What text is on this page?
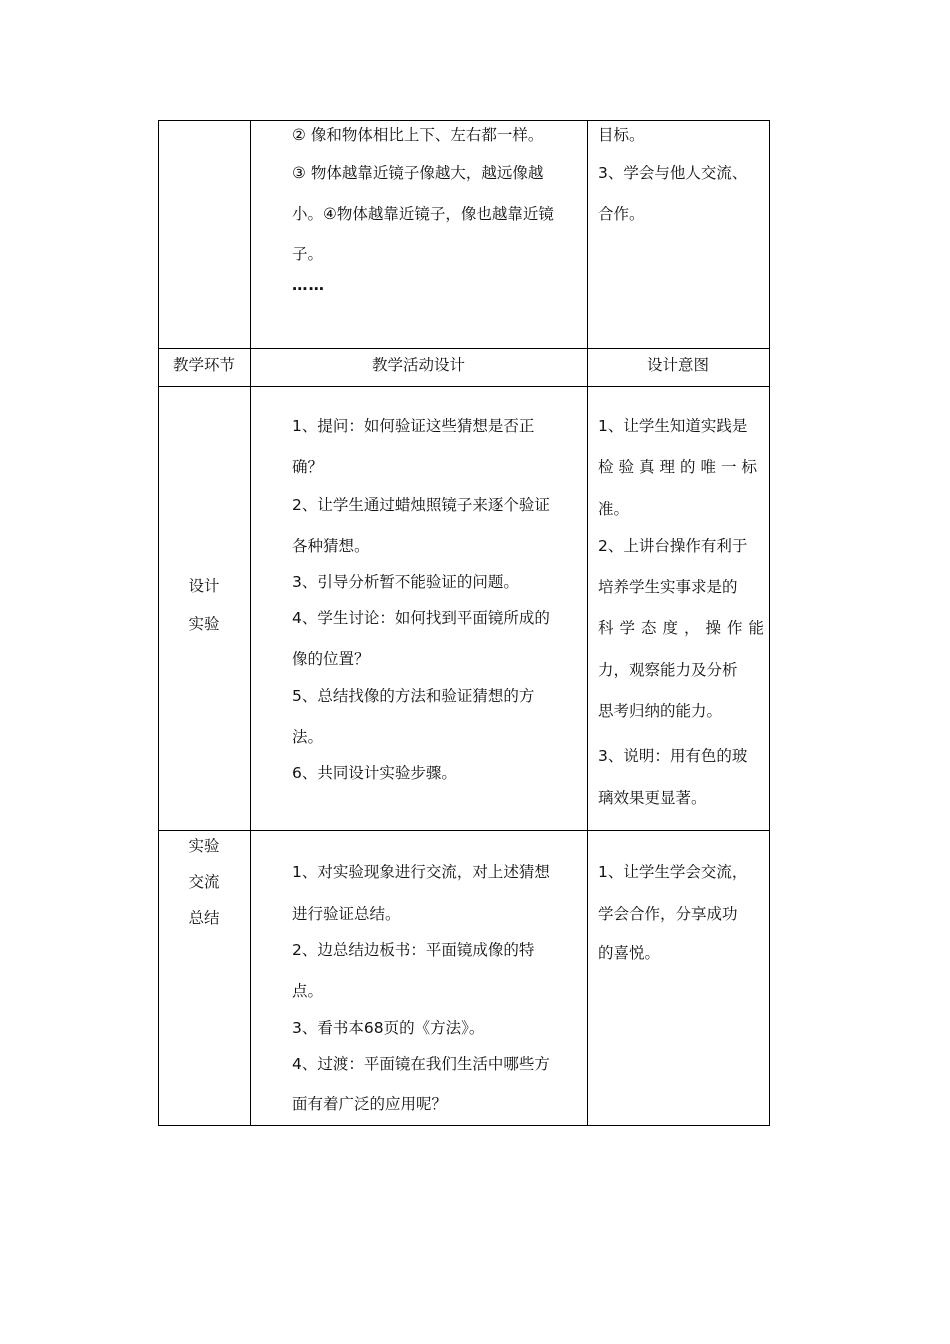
② 像和物体相比上下、左右都一样。

③ 物体越靠近镜子像越大，越远像越

小。④物体越靠近镜子，像也越靠近镜

子。

……

目标。

3、学会与他人交流、

合作。

教学环节	教学活动设计	设计意图

设计

实验

1、提问：如何验证这些猜想是否正

确？

2、让学生通过蜡烛照镜子来逐个验证

各种猜想。

3、引导分析暂不能验证的问题。

4、学生讨论：如何找到平面镜所成的

像的位置？

5、总结找像的方法和验证猜想的方

法。

6、共同设计实验步骤。

1、让学生知道实践是

检验真理的唯一标

准。

2、上讲台操作有利于

培养学生实事求是的

科学态度，操作能

力，观察能力及分析

思考归纳的能力。

3、说明：用有色的玻

璃效果更显著。

实验

交流

总结

1、对实验现象进行交流，对上述猜想

进行验证总结。

2、边总结边板书：平面镜成像的特

点。

3、看书本68页的《方法》。

4、过渡：平面镜在我们生活中哪些方

面有着广泛的应用呢？

1、让学生学会交流，

学会合作，分享成功

的喜悦。
